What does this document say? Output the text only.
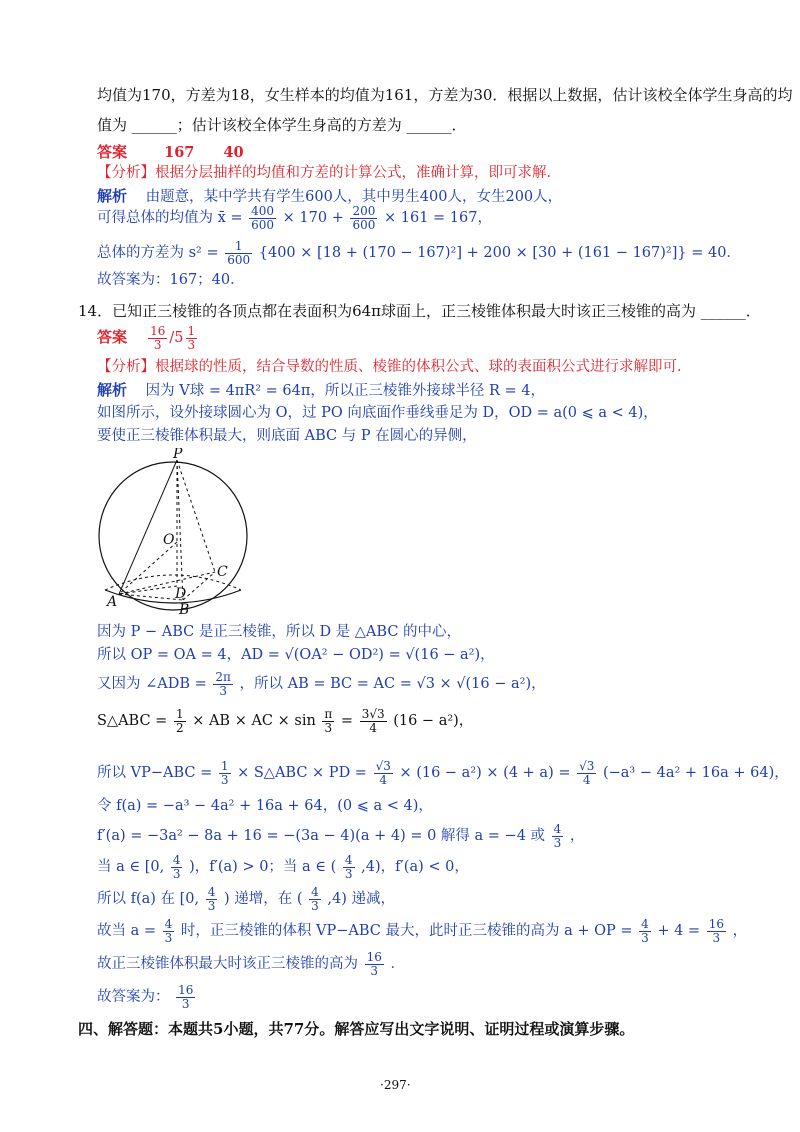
均值为170，方差为18，女生样本的均值为161，方差为30．根据以上数据，估计该校全体学生身高的均
值为 ______；估计该校全体学生身高的方差为 ______．
答案	167　　40
【分析】根据分层抽样的均值和方差的计算公式，准确计算，即可求解．
解析 由题意，某中学共有学生600人，其中男生400人，女生200人，
可得总体的均值为 x̄ = $\frac{400}{600} \times 170 + \frac{200}{600} \times 161 = 167$，
总体的方差为 $s^2 = \frac{1}{600} \{400 \times [18 + (170 - 167)^2] + 200 \times [30 + (161 - 167)^2]\} = 40$．
故答案为：167；40．
14．已知正三棱锥的各顶点都在表面积为64π球面上，正三棱锥体积最大时该正三棱锥的高为 ______．
答案 $\frac{16}{3} /5 \frac{1}{3}$
【分析】根据球的性质，结合导数的性质、棱锥的体积公式、球的表面积公式进行求解即可．
解析 因为 V球 = 4πR² = 64π，所以正三棱锥外接球半径 R = 4，
如图所示，设外接球圆心为 O，过 PO 向底面作垂线垂足为 D，OD = a(0 ⩽ a < 4)，
要使正三棱锥体积最大，则底面 ABC 与 P 在圆心的异侧，
P
O
C
D
A	B
因为 P − ABC 是正三棱锥，所以 D 是 △ABC 的中心，
所以 OP = OA = 4，AD = √(OA² − OD²) = √(16 − a²)，
又因为 ∠ADB = $\frac{2\pi}{3}$ ，所以 AB = BC = AC = √3 × √(16 − a²)，
S△ABC = $\frac{1}{2}$ × AB × AC × $\sin \frac{\pi}{3} = \frac{3√3}{4} (16 - a^2)$，
所以 $VP-ABC = \frac{1}{3}$ × S△ABC × PD = $\frac{√3}{4} \times (16 - a^2) \times (4 + a) = \frac{√3}{4} (-a^3 - 4a^2 + 16a + 64)$，
令 f(a) = −a³ − 4a² + 16a + 64，(0 ⩽ a < 4)，
f′(a) = −3a² − 8a + 16 = −(3a − 4)(a + 4) = 0 解得 a = −4 或 $\frac{4}{3}$ ，
当 a ∈ [0, $\frac{4}{3}$ )，f′(a) > 0；当 a ∈ ( $\frac{4}{3} ,4$)，f′(a) < 0，
所以 f(a) 在 [0, $\frac{4}{3}$ ) 递增，在 ( $\frac{4}{3} ,4$) 递减，
故当 $a = \frac{4}{3}$ 时，正三棱锥的体积 VP−ABC 最大，此时正三棱锥的高为 a + OP = $\frac{4}{3} + 4 = \frac{16}{3}$ ，
故正三棱锥体积最大时该正三棱锥的高为 $\frac{16}{3}$ ．
故答案为： $\frac{16}{3}$
四、解答题：本题共5小题，共77分。解答应写出文字说明、证明过程或演算步骤。
·297·
